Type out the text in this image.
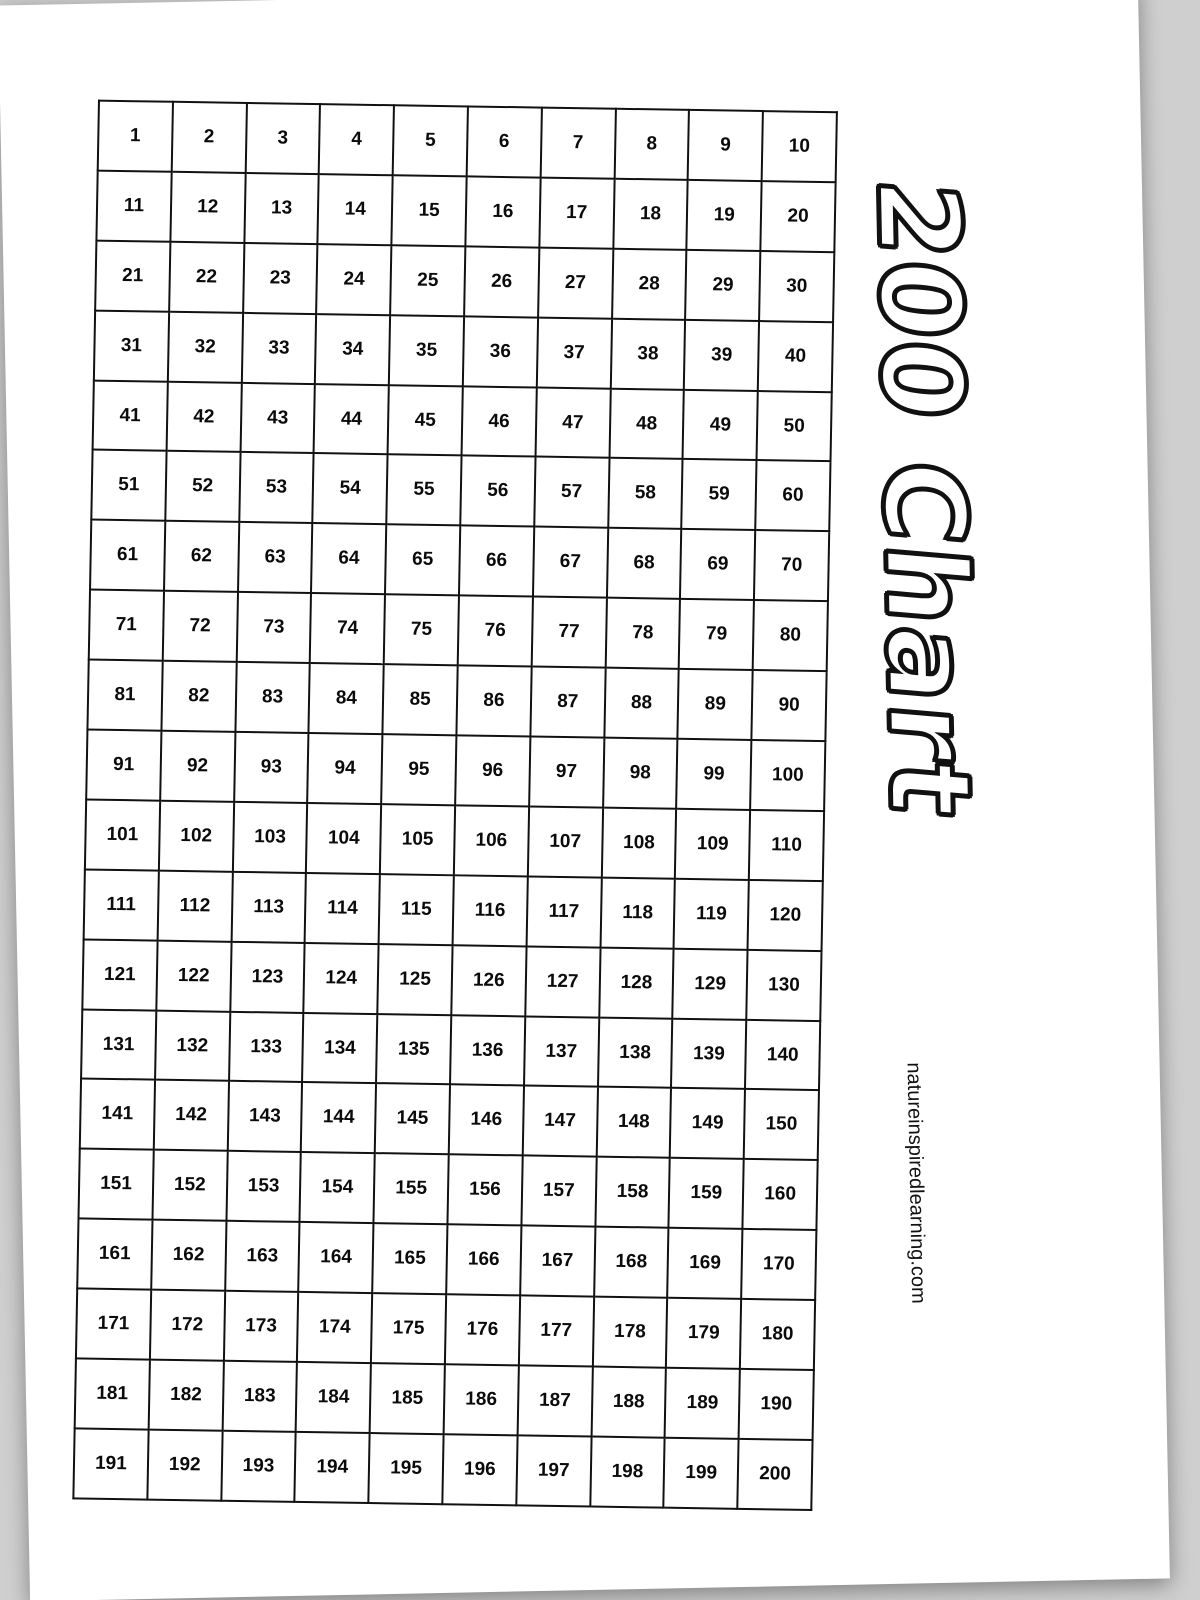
1	2	3	4	5	6	7	8	9	10
11	12	13	14	15	16	17	18	19	20
21	22	23	24	25	26	27	28	29	30
31	32	33	34	35	36	37	38	39	40
41	42	43	44	45	46	47	48	49	50
51	52	53	54	55	56	57	58	59	60
61	62	63	64	65	66	67	68	69	70
71	72	73	74	75	76	77	78	79	80
81	82	83	84	85	86	87	88	89	90
91	92	93	94	95	96	97	98	99	100
101	102	103	104	105	106	107	108	109	110
111	112	113	114	115	116	117	118	119	120
121	122	123	124	125	126	127	128	129	130
131	132	133	134	135	136	137	138	139	140
141	142	143	144	145	146	147	148	149	150
151	152	153	154	155	156	157	158	159	160
161	162	163	164	165	166	167	168	169	170
171	172	173	174	175	176	177	178	179	180
181	182	183	184	185	186	187	188	189	190
191	192	193	194	195	196	197	198	199	200
200 Chart
natureinspiredlearning.com
